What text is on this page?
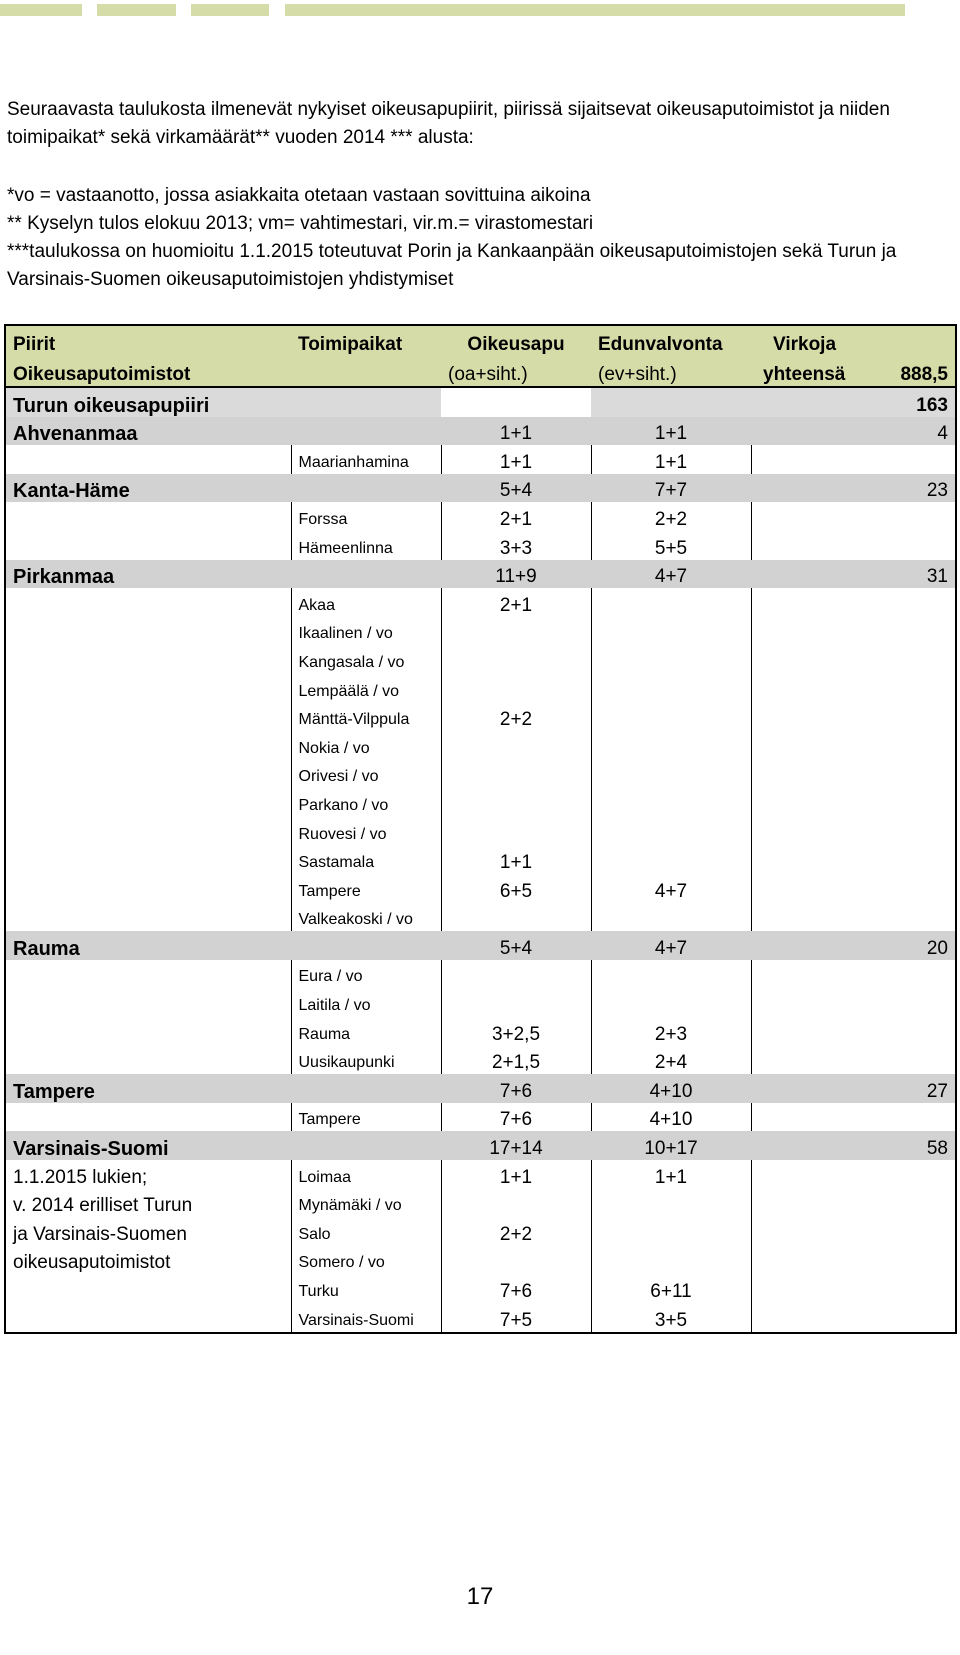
Seuraavasta taulukosta ilmenevät nykyiset oikeusapupiirit, piirissä sijaitsevat oikeusaputoimistot ja niiden toimipaikat* sekä virkamäärät** vuoden 2014 *** alusta:

*vo = vastaanotto, jossa asiakkaita otetaan vastaan sovittuina aikoina

** Kyselyn tulos elokuu 2013; vm= vahtimestari, vir.m.= virastomestari

***taulukossa on huomioitu 1.1.2015 toteutuvat Porin ja Kankaanpään oikeusaputoimistojen sekä Turun ja Varsinais-Suomen oikeusaputoimistojen yhdistymiset

Piirit	Toimipaikat	Oikeusapu	Edunvalvonta	Virkoja
Oikeusaputoimistot		(oa+siht.)	(ev+siht.)	yhteensä 888,5

Turun oikeusapupiiri				163
Ahvenanmaa		1+1	1+1	4
	Maarianhamina	1+1	1+1	
Kanta-Häme		5+4	7+7	23
	Forssa	2+1	2+2	
	Hämeenlinna	3+3	5+5	
Pirkanmaa		11+9	4+7	31
	Akaa	2+1		
	Ikaalinen / vo			
	Kangasala / vo			
	Lempäälä / vo			
	Mänttä-Vilppula	2+2		
	Nokia / vo			
	Orivesi / vo			
	Parkano / vo			
	Ruovesi / vo			
	Sastamala	1+1		
	Tampere	6+5	4+7	
	Valkeakoski / vo			
Rauma		5+4	4+7	20
	Eura / vo			
	Laitila / vo			
	Rauma	3+2,5	2+3	
	Uusikaupunki	2+1,5	2+4	
Tampere		7+6	4+10	27
	Tampere	7+6	4+10	
Varsinais-Suomi		17+14	10+17	58
1.1.2015 lukien;	Loimaa	1+1	1+1	
v. 2014 erilliset Turun	Mynämäki / vo			
ja Varsinais-Suomen	Salo	2+2		
oikeusaputoimistot	Somero / vo			
	Turku	7+6	6+11	
	Varsinais-Suomi	7+5	3+5	
17
